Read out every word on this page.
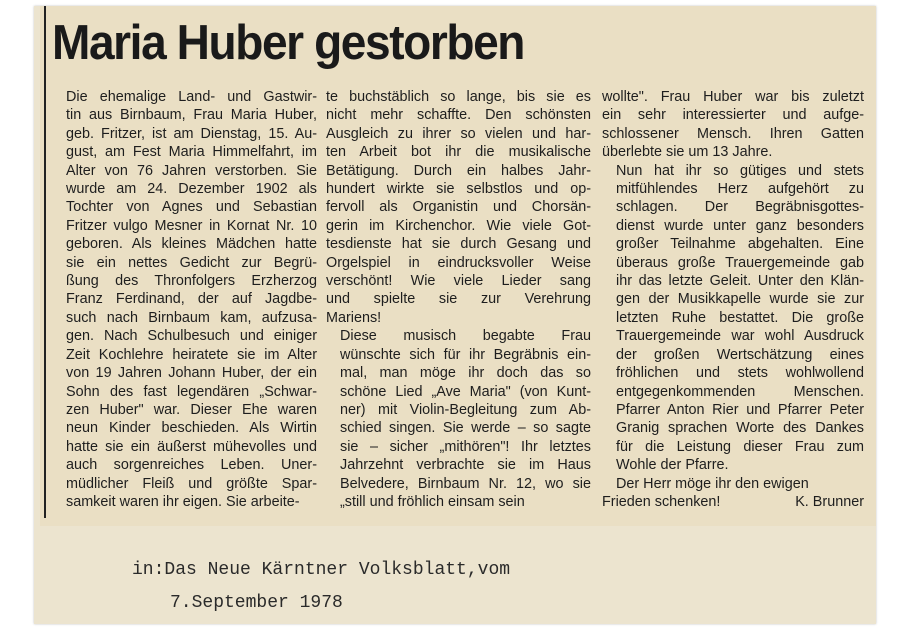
Maria Huber gestorben

Die ehemalige Land- und Gastwir-
tin aus Birnbaum, Frau Maria Huber,
geb. Fritzer, ist am Dienstag, 15. Au-
gust, am Fest Maria Himmelfahrt, im
Alter von 76 Jahren verstorben. Sie
wurde am 24. Dezember 1902 als
Tochter von Agnes und Sebastian
Fritzer vulgo Mesner in Kornat Nr. 10
geboren. Als kleines Mädchen hatte
sie ein nettes Gedicht zur Begrü-
ßung des Thronfolgers Erzherzog
Franz Ferdinand, der auf Jagdbe-
such nach Birnbaum kam, aufzusa-
gen. Nach Schulbesuch und einiger
Zeit Kochlehre heiratete sie im Alter
von 19 Jahren Johann Huber, der ein
Sohn des fast legendären „Schwar-
zen Huber" war. Dieser Ehe waren
neun Kinder beschieden. Als Wirtin
hatte sie ein äußerst mühevolles und
auch sorgenreiches Leben. Uner-
müdlicher Fleiß und größte Spar-
samkeit waren ihr eigen. Sie arbeite-

te buchstäblich so lange, bis sie es
nicht mehr schaffte. Den schönsten
Ausgleich zu ihrer so vielen und har-
ten Arbeit bot ihr die musikalische
Betätigung. Durch ein halbes Jahr-
hundert wirkte sie selbstlos und op-
fervoll als Organistin und Chorsän-
gerin im Kirchenchor. Wie viele Got-
tesdienste hat sie durch Gesang und
Orgelspiel in eindrucksvoller Weise
verschönt! Wie viele Lieder sang
und spielte sie zur Verehrung
Mariens!

Diese musisch begabte Frau
wünschte sich für ihr Begräbnis ein-
mal, man möge ihr doch das so
schöne Lied „Ave Maria" (von Kunt-
ner) mit Violin-Begleitung zum Ab-
schied singen. Sie werde – so sagte
sie – sicher „mithören"! Ihr letztes
Jahrzehnt verbrachte sie im Haus
Belvedere, Birnbaum Nr. 12, wo sie
„still und fröhlich einsam sein

wollte". Frau Huber war bis zuletzt
ein sehr interessierter und aufge-
schlossener Mensch. Ihren Gatten
überlebte sie um 13 Jahre.

Nun hat ihr so gütiges und stets
mitfühlendes Herz aufgehört zu
schlagen. Der Begräbnisgottes-
dienst wurde unter ganz besonders
großer Teilnahme abgehalten. Eine
überaus große Trauergemeinde gab
ihr das letzte Geleit. Unter den Klän-
gen der Musikkapelle wurde sie zur
letzten Ruhe bestattet. Die große
Trauergemeinde war wohl Ausdruck
der großen Wertschätzung eines
fröhlichen und stets wohlwollend
entgegenkommenden Menschen.
Pfarrer Anton Rier und Pfarrer Peter
Granig sprachen Worte des Dankes
für die Leistung dieser Frau zum
Wohle der Pfarre.

Der Herr möge ihr den ewigen

Frieden schenken!	K. Brunner

in:Das Neue Kärntner Volksblatt,vom
7.September 1978
